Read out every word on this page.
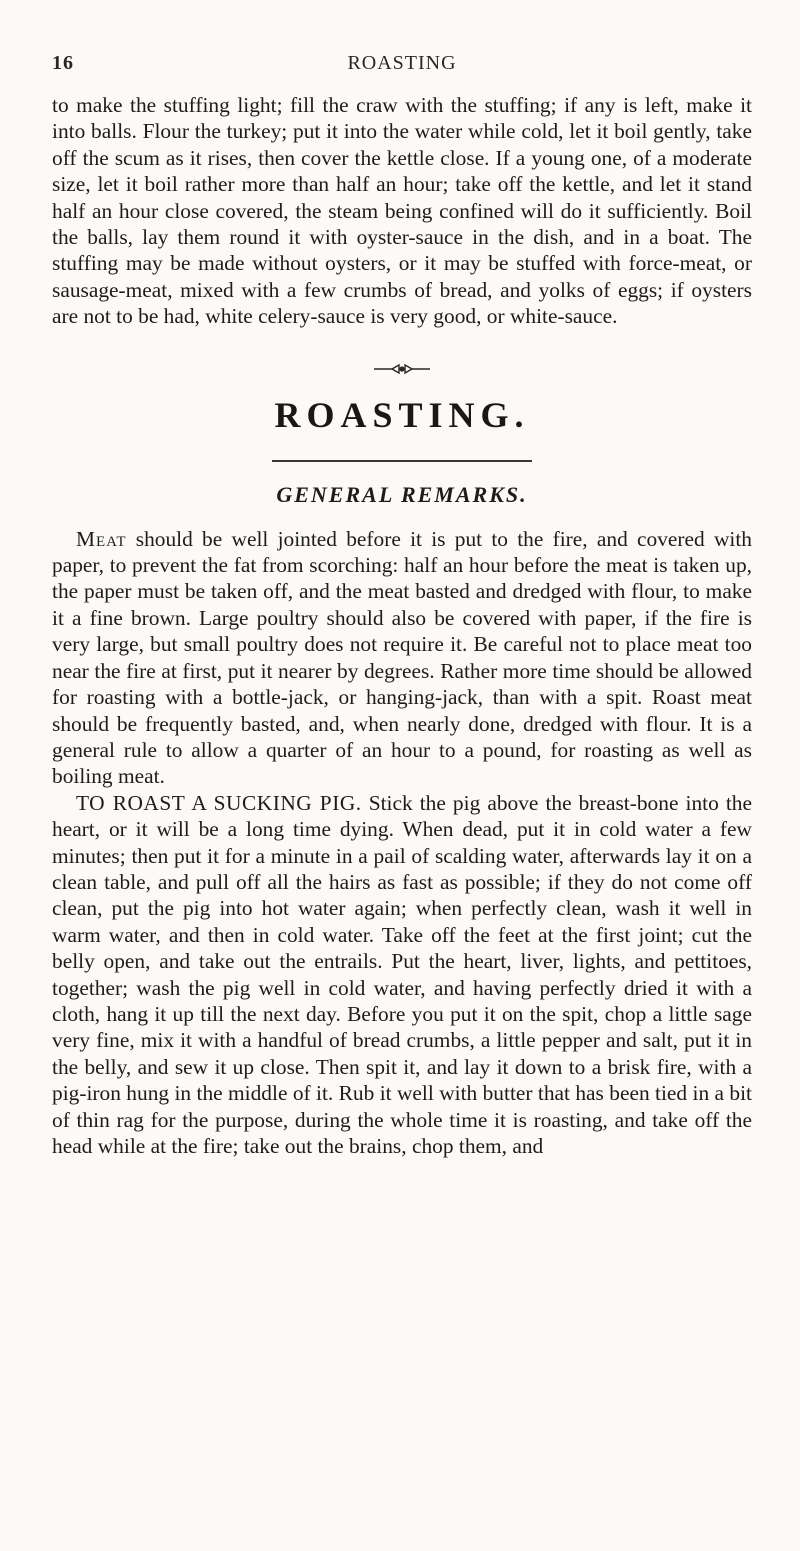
ROASTING
16

to make the stuffing light; fill the craw with the stuffing; if any is left, make it into balls. Flour the turkey; put it into the water while cold, let it boil gently, take off the scum as it rises, then cover the kettle close. If a young one, of a moderate size, let it boil rather more than half an hour; take off the kettle, and let it stand half an hour close covered, the steam being confined will do it sufficiently. Boil the balls, lay them round it with oyster-sauce in the dish, and in a boat. The stuffing may be made without oysters, or it may be stuffed with force-meat, or sausage-meat, mixed with a few crumbs of bread, and yolks of eggs; if oysters are not to be had, white celery-sauce is very good, or white-sauce.

ROASTING.
GENERAL REMARKS.

Meat should be well jointed before it is put to the fire, and covered with paper, to prevent the fat from scorching: half an hour before the meat is taken up, the paper must be taken off, and the meat basted and dredged with flour, to make it a fine brown. Large poultry should also be covered with paper, if the fire is very large, but small poultry does not require it. Be careful not to place meat too near the fire at first, put it nearer by degrees. Rather more time should be allowed for roasting with a bottle-jack, or hanging-jack, than with a spit. Roast meat should be frequently basted, and, when nearly done, dredged with flour. It is a general rule to allow a quarter of an hour to a pound, for roasting as well as boiling meat.

TO ROAST A SUCKING PIG. Stick the pig above the breast-bone into the heart, or it will be a long time dying. When dead, put it in cold water a few minutes; then put it for a minute in a pail of scalding water, afterwards lay it on a clean table, and pull off all the hairs as fast as possible; if they do not come off clean, put the pig into hot water again; when perfectly clean, wash it well in warm water, and then in cold water. Take off the feet at the first joint; cut the belly open, and take out the entrails. Put the heart, liver, lights, and pettitoes, together; wash the pig well in cold water, and having perfectly dried it with a cloth, hang it up till the next day. Before you put it on the spit, chop a little sage very fine, mix it with a handful of bread crumbs, a little pepper and salt, put it in the belly, and sew it up close. Then spit it, and lay it down to a brisk fire, with a pig-iron hung in the middle of it. Rub it well with butter that has been tied in a bit of thin rag for the purpose, during the whole time it is roasting, and take off the head while at the fire; take out the brains, chop them, and
